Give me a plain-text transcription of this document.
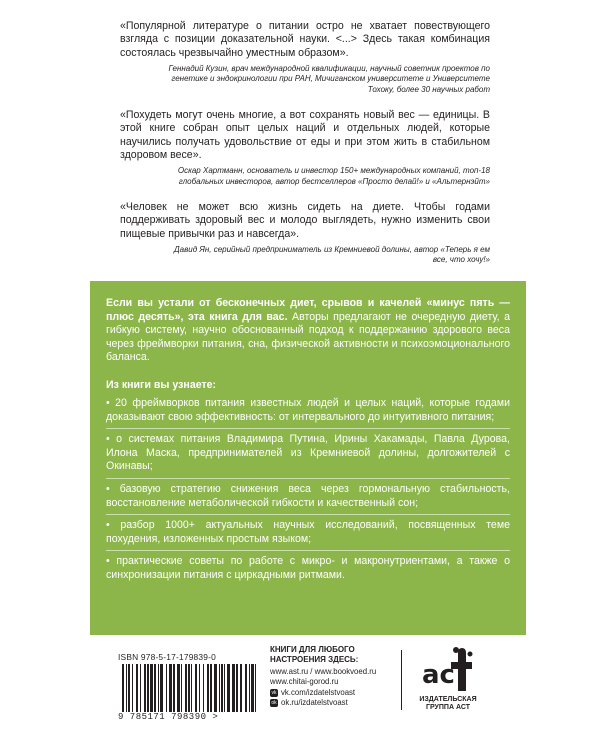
«Популярной литературе о питании остро не хватает повествующего взгляда с позиции доказательной науки. <...> Здесь такая комбинация состоялась чрезвычайно уместным образом».

Геннадий Кузин, врач международной квалификации, научный советник проектов по генетике и эндокринологии при РАН, Мичиганском университете и Университете Тохоку, более 30 научных работ

«Похудеть могут очень многие, а вот сохранять новый вес — единицы. В этой книге собран опыт целых наций и отдельных людей, которые научились получать удовольствие от еды и при этом жить в стабильном здоровом весе».

Оскар Хартманн, основатель и инвестор 150+ международных компаний, топ-18 глобальных инвесторов, автор бестселлеров «Просто делай!» и «Альтернэйт»

«Человек не может всю жизнь сидеть на диете. Чтобы годами поддерживать здоровый вес и молодо выглядеть, нужно изменить свои пищевые привычки раз и навсегда».

Давид Ян, серийный предприниматель из Кремниевой долины, автор «Теперь я ем все, что хочу!»

Если вы устали от бесконечных диет, срывов и качелей «минус пять — плюс десять», эта книга для вас. Авторы предлагают не очередную диету, а гибкую систему, научно обоснованный подход к поддержанию здорового веса через фреймворки питания, сна, физической активности и психоэмоционального баланса.

Из книги вы узнаете:

• 20 фреймворков питания известных людей и целых наций, которые годами доказывают свою эффективность: от интервального до интуитивного питания;
• о системах питания Владимира Путина, Ирины Хакамады, Павла Дурова, Илона Маска, предпринимателей из Кремниевой долины, долгожителей с Окинавы;
• базовую стратегию снижения веса через гормональную стабильность, восстановление метаболической гибкости и качественный сон;
• разбор 1000+ актуальных научных исследований, посвященных теме похудения, изложенных простым языком;
• практические советы по работе с микро- и макронутриентами, а также о синхронизации питания с циркадными ритмами.
ISBN 978-5-17-179839-0
9 785171 798390 >
КНИГИ ДЛЯ ЛЮБОГО
НАСТРОЕНИЯ ЗДЕСЬ:
www.ast.ru / www.bookvoed.ru
www.chitai-gorod.ru
vk vk.com/izdatelstvoast
ok ok.ru/izdatelstvoast
ac
ИЗДАТЕЛЬСКАЯ
ГРУППА АСТ
